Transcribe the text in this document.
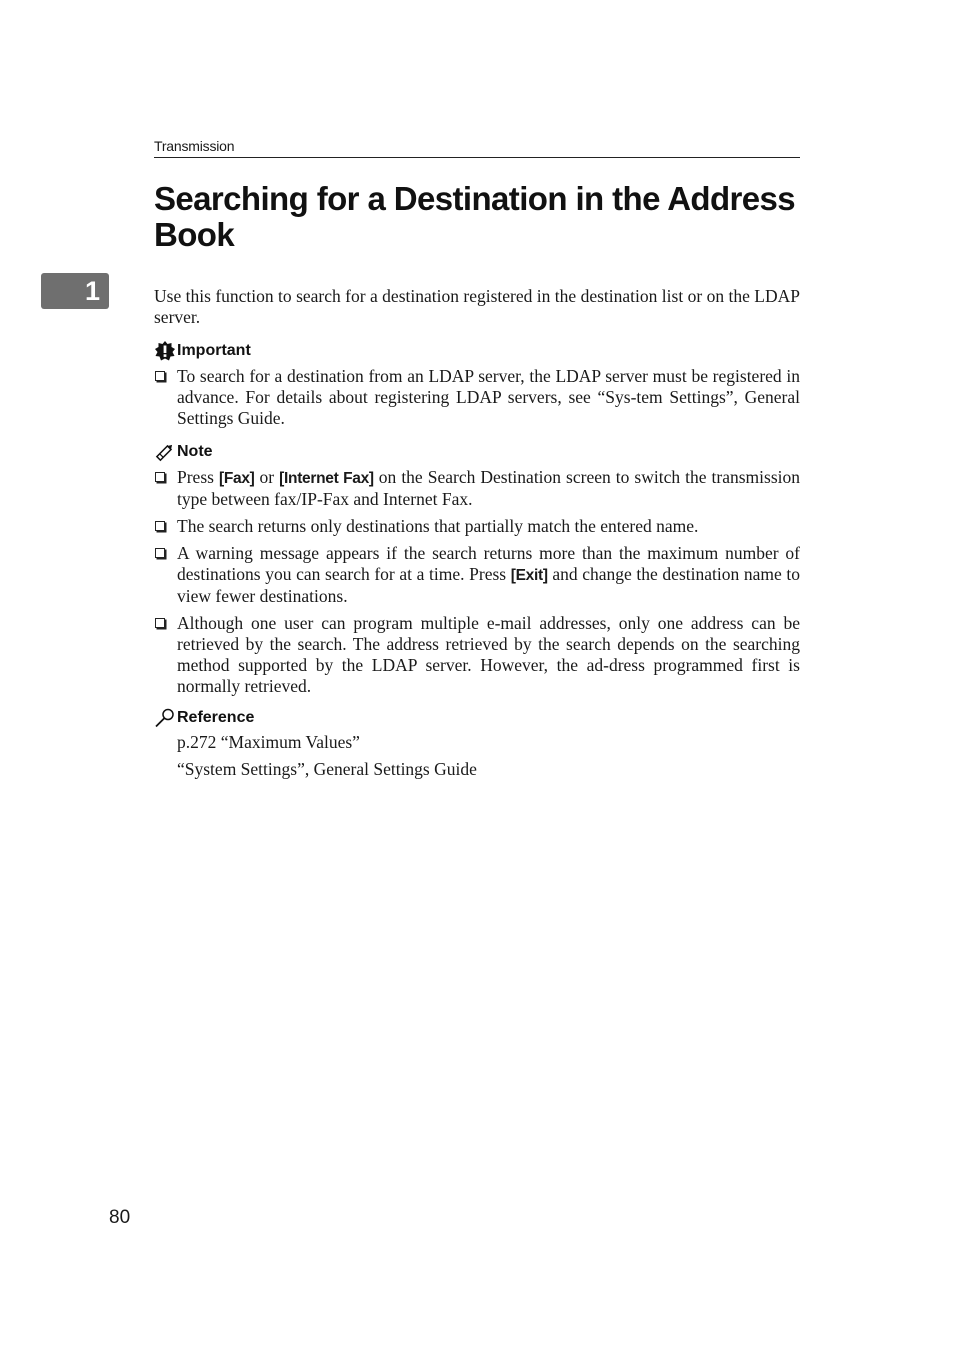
Transmission
Searching for a Destination in the Address Book
1	Use this function to search for a destination registered in the destination list or on the LDAP server.

Important
To search for a destination from an LDAP server, the LDAP server must be registered in advance. For details about registering LDAP servers, see “Sys-tem Settings”, General Settings Guide.
Note
Press [Fax] or [Internet Fax] on the Search Destination screen to switch the transmission type between fax/IP-Fax and Internet Fax.
The search returns only destinations that partially match the entered name.
A warning message appears if the search returns more than the maximum number of destinations you can search for at a time. Press [Exit] and change the destination name to view fewer destinations.
Although one user can program multiple e-mail addresses, only one address can be retrieved by the search. The address retrieved by the search depends on the searching method supported by the LDAP server. However, the ad-dress programmed first is normally retrieved.
Reference

p.272 “Maximum Values”

“System Settings”, General Settings Guide

80
